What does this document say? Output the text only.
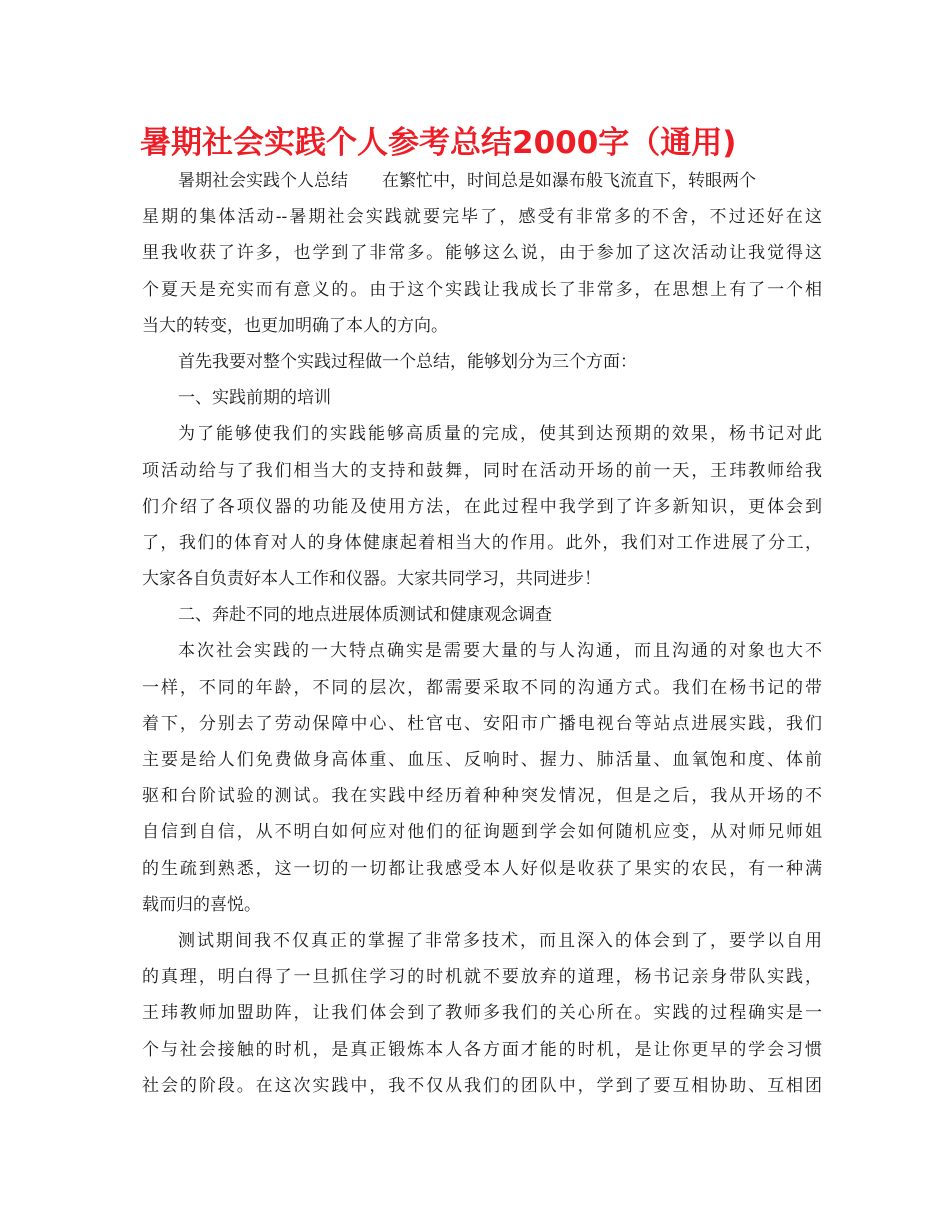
暑期社会实践个人参考总结2000字（通用)
暑期社会实践个人总结　　在繁忙中，时间总是如瀑布般飞流直下，转眼两个
星期的集体活动--暑期社会实践就要完毕了，感受有非常多的不舍，不过还好在这
里我收获了许多，也学到了非常多。能够这么说，由于参加了这次活动让我觉得这
个夏天是充实而有意义的。由于这个实践让我成长了非常多，在思想上有了一个相
当大的转变，也更加明确了本人的方向。
首先我要对整个实践过程做一个总结，能够划分为三个方面：
一、实践前期的培训
为了能够使我们的实践能够高质量的完成，使其到达预期的效果，杨书记对此
项活动给与了我们相当大的支持和鼓舞，同时在活动开场的前一天，王玮教师给我
们介绍了各项仪器的功能及使用方法，在此过程中我学到了许多新知识，更体会到
了，我们的体育对人的身体健康起着相当大的作用。此外，我们对工作进展了分工，
大家各自负责好本人工作和仪器。大家共同学习，共同进步！
二、奔赴不同的地点进展体质测试和健康观念调查
本次社会实践的一大特点确实是需要大量的与人沟通，而且沟通的对象也大不
一样，不同的年龄，不同的层次，都需要采取不同的沟通方式。我们在杨书记的带
着下，分别去了劳动保障中心、杜官屯、安阳市广播电视台等站点进展实践，我们
主要是给人们免费做身高体重、血压、反响时、握力、肺活量、血氧饱和度、体前
驱和台阶试验的测试。我在实践中经历着种种突发情况，但是之后，我从开场的不
自信到自信，从不明白如何应对他们的征询题到学会如何随机应变，从对师兄师姐
的生疏到熟悉，这一切的一切都让我感受本人好似是收获了果实的农民，有一种满
载而归的喜悦。
测试期间我不仅真正的掌握了非常多技术，而且深入的体会到了，要学以自用
的真理，明白得了一旦抓住学习的时机就不要放弃的道理，杨书记亲身带队实践，
王玮教师加盟助阵，让我们体会到了教师多我们的关心所在。实践的过程确实是一
个与社会接触的时机，是真正锻炼本人各方面才能的时机，是让你更早的学会习惯
社会的阶段。在这次实践中，我不仅从我们的团队中，学到了要互相协助、互相团
